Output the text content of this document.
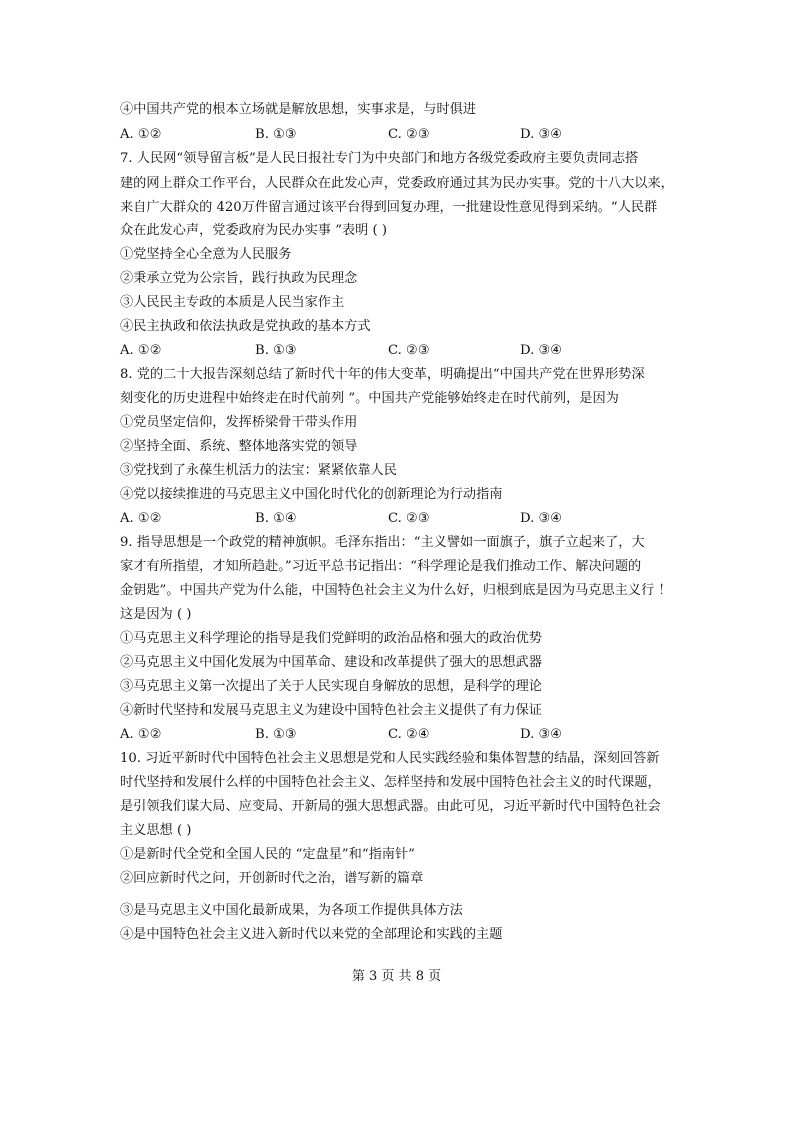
④中国共产党的根本立场就是解放思想，实事求是，与时俱进
A. ①②	B. ①③	C. ②③	D. ③④
7. 人民网“领导留言板”是人民日报社专门为中央部门和地方各级党委政府主要负责同志搭
建的网上群众工作平台，人民群众在此发心声，党委政府通过其为民办实事。党的十八大以来，
来自广大群众的 420万件留言通过该平台得到回复办理，一批建设性意见得到采纳。“人民群
众在此发心声，党委政府为民办实事 ”表明 ( )
①党坚持全心全意为人民服务
②秉承立党为公宗旨，践行执政为民理念
③人民民主专政的本质是人民当家作主
④民主执政和依法执政是党执政的基本方式
A. ①②	B. ①③	C. ②③	D. ③④
8. 党的二十大报告深刻总结了新时代十年的伟大变革，明确提出“中国共产党在世界形势深
刻变化的历史进程中始终走在时代前列 ”。中国共产党能够始终走在时代前列，是因为
①党员坚定信仰，发挥桥梁骨干带头作用
②坚持全面、系统、整体地落实党的领导
③党找到了永葆生机活力的法宝：紧紧依靠人民
④党以接续推进的马克思主义中国化时代化的创新理论为行动指南
A. ①②	B. ①④	C. ②③	D. ③④
9. 指导思想是一个政党的精神旗帜。毛泽东指出：“主义譬如一面旗子，旗子立起来了，大
家才有所指望，才知所趋赴。”习近平总书记指出：“科学理论是我们推动工作、解决问题的
金钥匙”。中国共产党为什么能，中国特色社会主义为什么好，归根到底是因为马克思主义行 ！
这是因为 ( )
①马克思主义科学理论的指导是我们党鲜明的政治品格和强大的政治优势
②马克思主义中国化发展为中国革命、建设和改革提供了强大的思想武器
③马克思主义第一次提出了关于人民实现自身解放的思想，是科学的理论
④新时代坚持和发展马克思主义为建设中国特色社会主义提供了有力保证
A. ①②	B. ①③	C. ②④	D. ③④
10. 习近平新时代中国特色社会主义思想是党和人民实践经验和集体智慧的结晶，深刻回答新
时代坚持和发展什么样的中国特色社会主义、怎样坚持和发展中国特色社会主义的时代课题，
是引领我们谋大局、应变局、开新局的强大思想武器。由此可见，习近平新时代中国特色社会
主义思想 ( )
①是新时代全党和全国人民的 “定盘星”和“指南针”
②回应新时代之问，开创新时代之治，谱写新的篇章
③是马克思主义中国化最新成果，为各项工作提供具体方法
④是中国特色社会主义进入新时代以来党的全部理论和实践的主题
第 3 页 共 8 页
